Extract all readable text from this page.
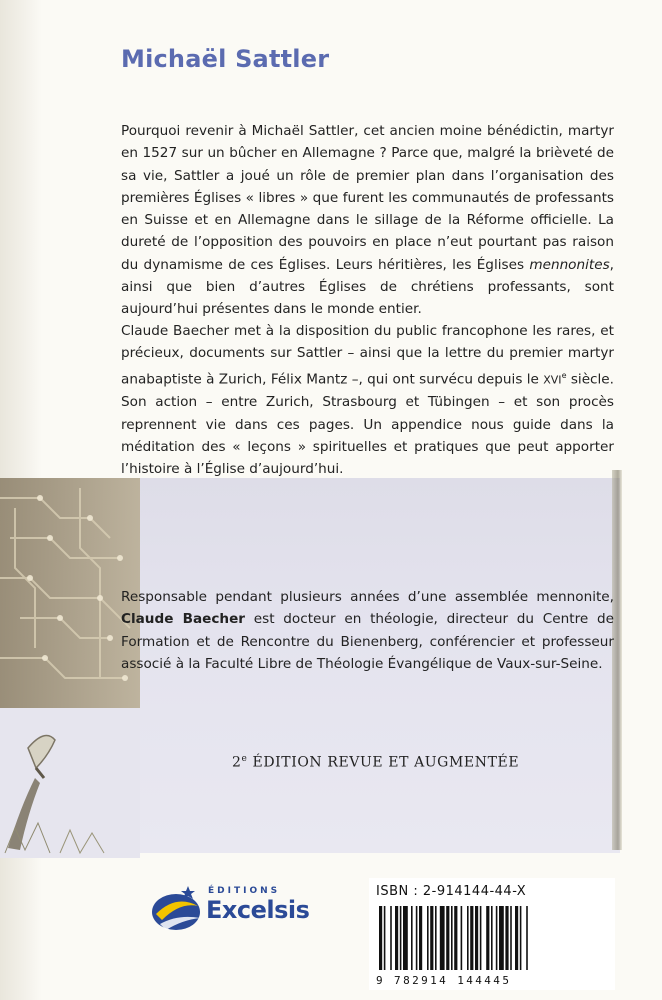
Michaël Sattler

Pourquoi revenir à Michaël Sattler, cet ancien moine bénédictin, martyr en 1527 sur un bûcher en Allemagne ? Parce que, malgré la brièveté de sa vie, Sattler a joué un rôle de premier plan dans l’organisation des premières Églises « libres » que furent les communautés de professants en Suisse et en Allemagne dans le sillage de la Réforme officielle. La dureté de l’opposition des pouvoirs en place n’eut pourtant pas raison du dynamisme de ces Églises. Leurs héritières, les Églises mennonites, ainsi que bien d’autres Églises de chrétiens professants, sont aujourd’hui présentes dans le monde entier.

Claude Baecher met à la disposition du public francophone les rares, et précieux, documents sur Sattler – ainsi que la lettre du premier martyr anabaptiste à Zurich, Félix Mantz –, qui ont survécu depuis le XVIe siècle. Son action – entre Zurich, Strasbourg et Tübingen – et son procès reprennent vie dans ces pages. Un appendice nous guide dans la méditation des « leçons » spirituelles et pratiques que peut apporter l’histoire à l’Église d’aujourd’hui.

Responsable pendant plusieurs années d’une assemblée mennonite, Claude Baecher est docteur en théologie, directeur du Centre de Formation et de Rencontre du Bienenberg, conférencier et professeur associé à la Faculté Libre de Théologie Évangélique de Vaux-sur-Seine.

2e ÉDITION REVUE ET AUGMENTÉE
ÉDITIONS
Excelsis
ISBN : 2-914144-44-X
9 782914 144445
